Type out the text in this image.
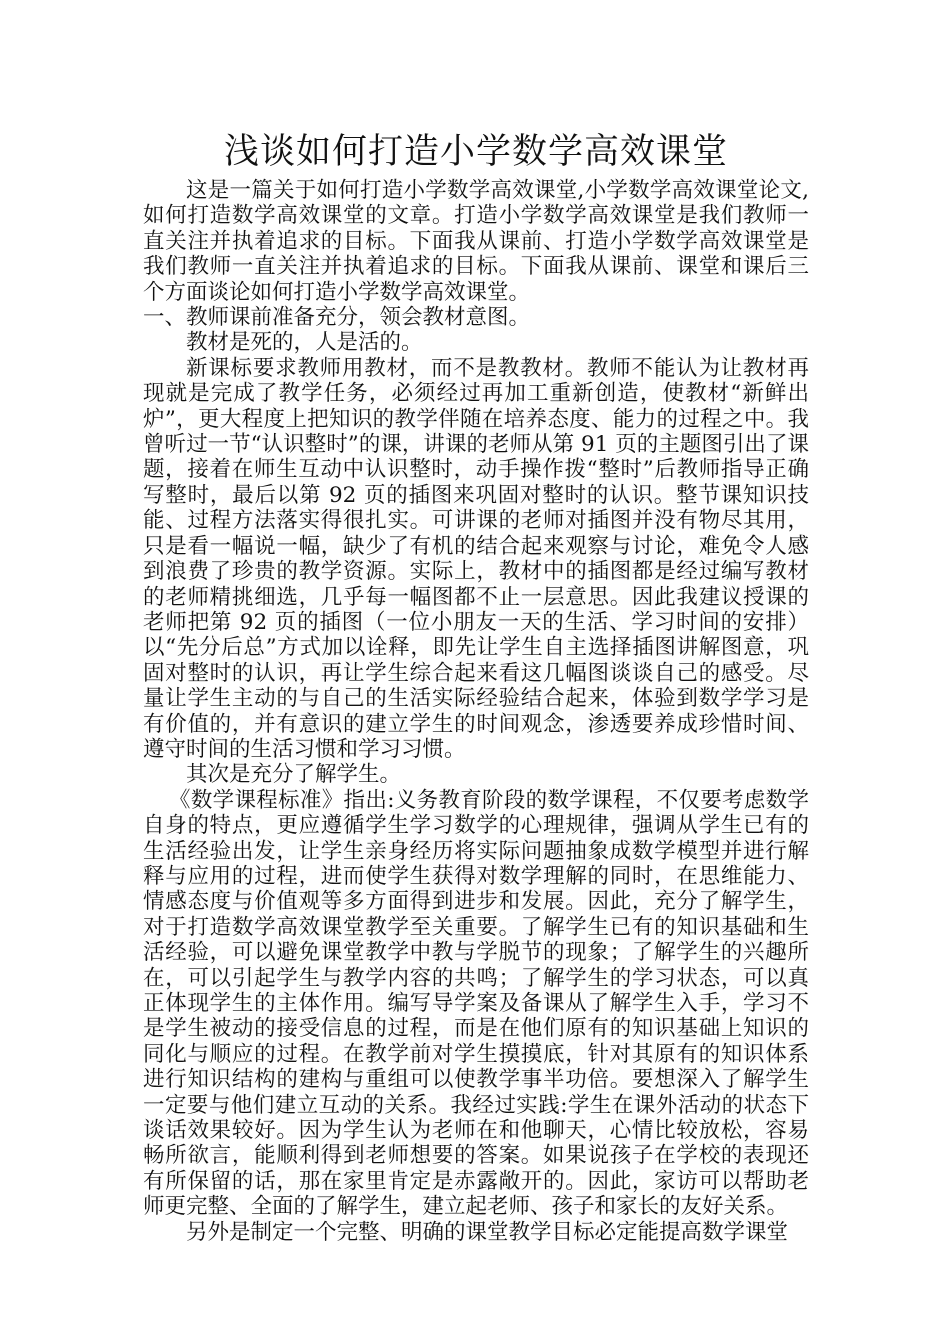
浅谈如何打造小学数学高效课堂

这是一篇关于如何打造小学数学高效课堂,小学数学高效课堂论文,如何打造数学高效课堂的文章。打造小学数学高效课堂是我们教师一直关注并执着追求的目标。下面我从课前、打造小学数学高效课堂是我们教师一直关注并执着追求的目标。下面我从课前、课堂和课后三个方面谈论如何打造小学数学高效课堂。

一、教师课前准备充分，领会教材意图。

教材是死的，人是活的。

新课标要求教师用教材，而不是教教材。教师不能认为让教材再现就是完成了教学任务，必须经过再加工重新创造，使教材“新鲜出炉”，更大程度上把知识的教学伴随在培养态度、能力的过程之中。我曾听过一节“认识整时”的课，讲课的老师从第 91 页的主题图引出了课题，接着在师生互动中认识整时，动手操作拨“整时”后教师指导正确写整时，最后以第 92 页的插图来巩固对整时的认识。整节课知识技能、过程方法落实得很扎实。可讲课的老师对插图并没有物尽其用，只是看一幅说一幅，缺少了有机的结合起来观察与讨论，难免令人感到浪费了珍贵的教学资源。实际上，教材中的插图都是经过编写教材的老师精挑细选，几乎每一幅图都不止一层意思。因此我建议授课的老师把第 92 页的插图（一位小朋友一天的生活、学习时间的安排）以“先分后总”方式加以诠释，即先让学生自主选择插图讲解图意，巩固对整时的认识，再让学生综合起来看这几幅图谈谈自己的感受。尽量让学生主动的与自己的生活实际经验结合起来，体验到数学学习是有价值的，并有意识的建立学生的时间观念，渗透要养成珍惜时间、遵守时间的生活习惯和学习习惯。

其次是充分了解学生。

《数学课程标准》指出:义务教育阶段的数学课程，不仅要考虑数学自身的特点，更应遵循学生学习数学的心理规律，强调从学生已有的生活经验出发，让学生亲身经历将实际问题抽象成数学模型并进行解释与应用的过程，进而使学生获得对数学理解的同时，在思维能力、情感态度与价值观等多方面得到进步和发展。因此，充分了解学生，对于打造数学高效课堂教学至关重要。了解学生已有的知识基础和生活经验，可以避免课堂教学中教与学脱节的现象；了解学生的兴趣所在，可以引起学生与教学内容的共鸣；了解学生的学习状态，可以真正体现学生的主体作用。编写导学案及备课从了解学生入手，学习不是学生被动的接受信息的过程，而是在他们原有的知识基础上知识的同化与顺应的过程。在教学前对学生摸摸底，针对其原有的知识体系进行知识结构的建构与重组可以使教学事半功倍。要想深入了解学生一定要与他们建立互动的关系。我经过实践:学生在课外活动的状态下谈话效果较好。因为学生认为老师在和他聊天，心情比较放松，容易畅所欲言，能顺利得到老师想要的答案。如果说孩子在学校的表现还有所保留的话，那在家里肯定是赤露敞开的。因此，家访可以帮助老师更完整、全面的了解学生，建立起老师、孩子和家长的友好关系。

另外是制定一个完整、明确的课堂教学目标必定能提高数学课堂
